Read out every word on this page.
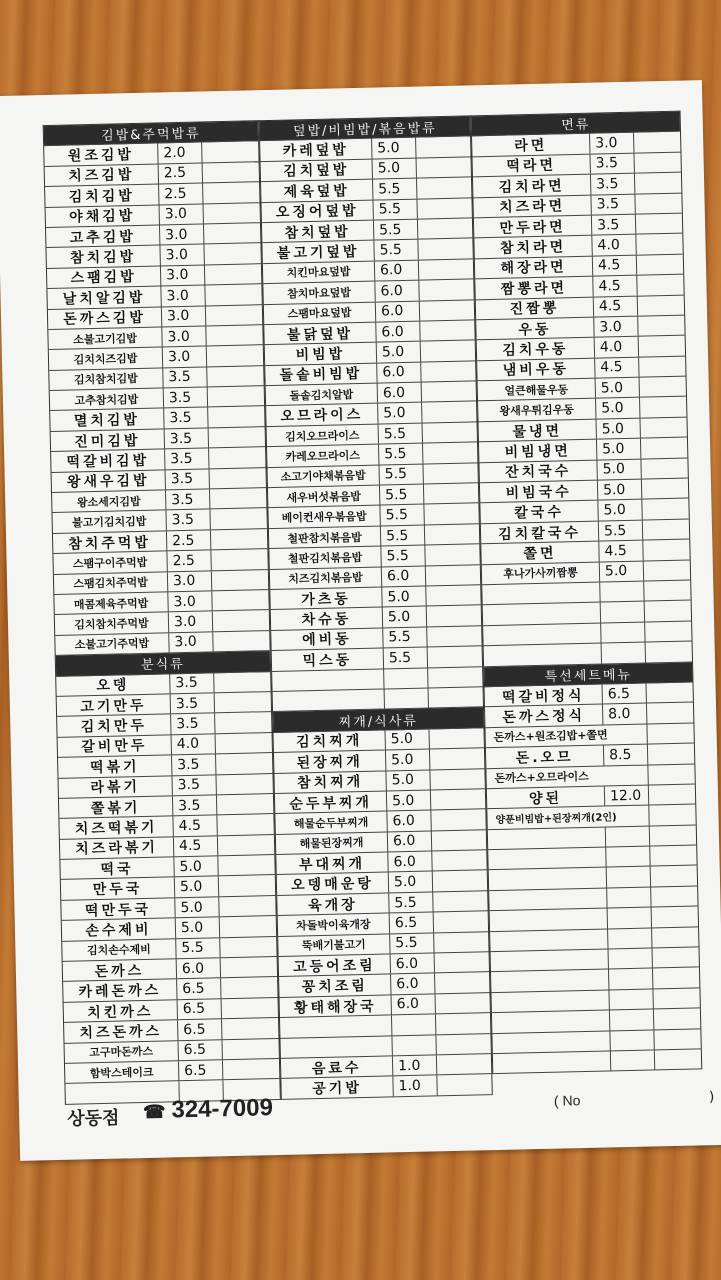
김밥&주먹밥류
원조김밥	2.0
치즈김밥	2.5
김치김밥	2.5
야채김밥	3.0
고추김밥	3.0
참치김밥	3.0
스팸김밥	3.0
날치알김밥	3.0
돈까스김밥	3.0
소불고기김밥	3.0
김치치즈김밥	3.0
김치참치김밥	3.5
고추참치김밥	3.5
멸치김밥	3.5
진미김밥	3.5
떡갈비김밥	3.5
왕새우김밥	3.5
왕소세지김밥	3.5
불고기김치김밥	3.5
참치주먹밥	2.5
스팸구이주먹밥	2.5
스팸김치주먹밥	3.0
매콤제육주먹밥	3.0
김치참치주먹밥	3.0
소불고기주먹밥	3.0
분식류
오뎅	3.5
고기만두	3.5
김치만두	3.5
갈비만두	4.0
떡볶기	3.5
라볶기	3.5
쫄볶기	3.5
치즈떡볶기	4.5
치즈라볶기	4.5
떡국	5.0
만두국	5.0
떡만두국	5.0
손수제비	5.0
김치손수제비	5.5
돈까스	6.0
카레돈까스	6.5
치킨까스	6.5
치즈돈까스	6.5
고구마돈까스	6.5
함박스테이크	6.5
덮밥/비빔밥/볶음밥류
카레덮밥	5.0
김치덮밥	5.0
제육덮밥	5.5
오징어덮밥	5.5
참치덮밥	5.5
불고기덮밥	5.5
치킨마요덮밥	6.0
참치마요덮밥	6.0
스팸마요덮밥	6.0
불닭덮밥	6.0
비빔밥	5.0
돌솥비빔밥	6.0
돌솥김치알밥	6.0
오므라이스	5.0
김치오므라이스	5.5
카레오므라이스	5.5
소고기야채볶음밥	5.5
새우버섯볶음밥	5.5
베이컨새우볶음밥	5.5
철판참치볶음밥	5.5
철판김치볶음밥	5.5
치즈김치볶음밥	6.0
가츠동	5.0
차슈동	5.0
에비동	5.5
믹스동	5.5
찌개/식사류
김치찌개	5.0
된장찌개	5.0
참치찌개	5.0
순두부찌개	5.0
해물순두부찌개	6.0
해물된장찌개	6.0
부대찌개	6.0
오뎅매운탕	5.0
육개장	5.5
차돌박이육개장	6.5
뚝배기불고기	5.5
고등어조림	6.0
꽁치조림	6.0
황태해장국	6.0
음료수	1.0
공기밥	1.0
면류
라면	3.0
떡라면	3.5
김치라면	3.5
치즈라면	3.5
만두라면	3.5
참치라면	4.0
해장라면	4.5
짬뽕라면	4.5
진짬뽕	4.5
우동	3.0
김치우동	4.0
냄비우동	4.5
얼큰해물우동	5.0
왕새우튀김우동	5.0
물냉면	5.0
비빔냉면	5.0
잔치국수	5.0
비빔국수	5.0
칼국수	5.0
김치칼국수	5.5
쫄면	4.5
후나가사끼짬뽕	5.0
특선세트메뉴
떡갈비정식	6.5
돈까스정식	8.0
돈까스+원조김밥+쫄면
돈.오므	8.5
돈까스+오므라이스
양된	12.0
양푼비빔밥+된장찌개(2인)
상동점 ☎ 324-7009	( No	)
